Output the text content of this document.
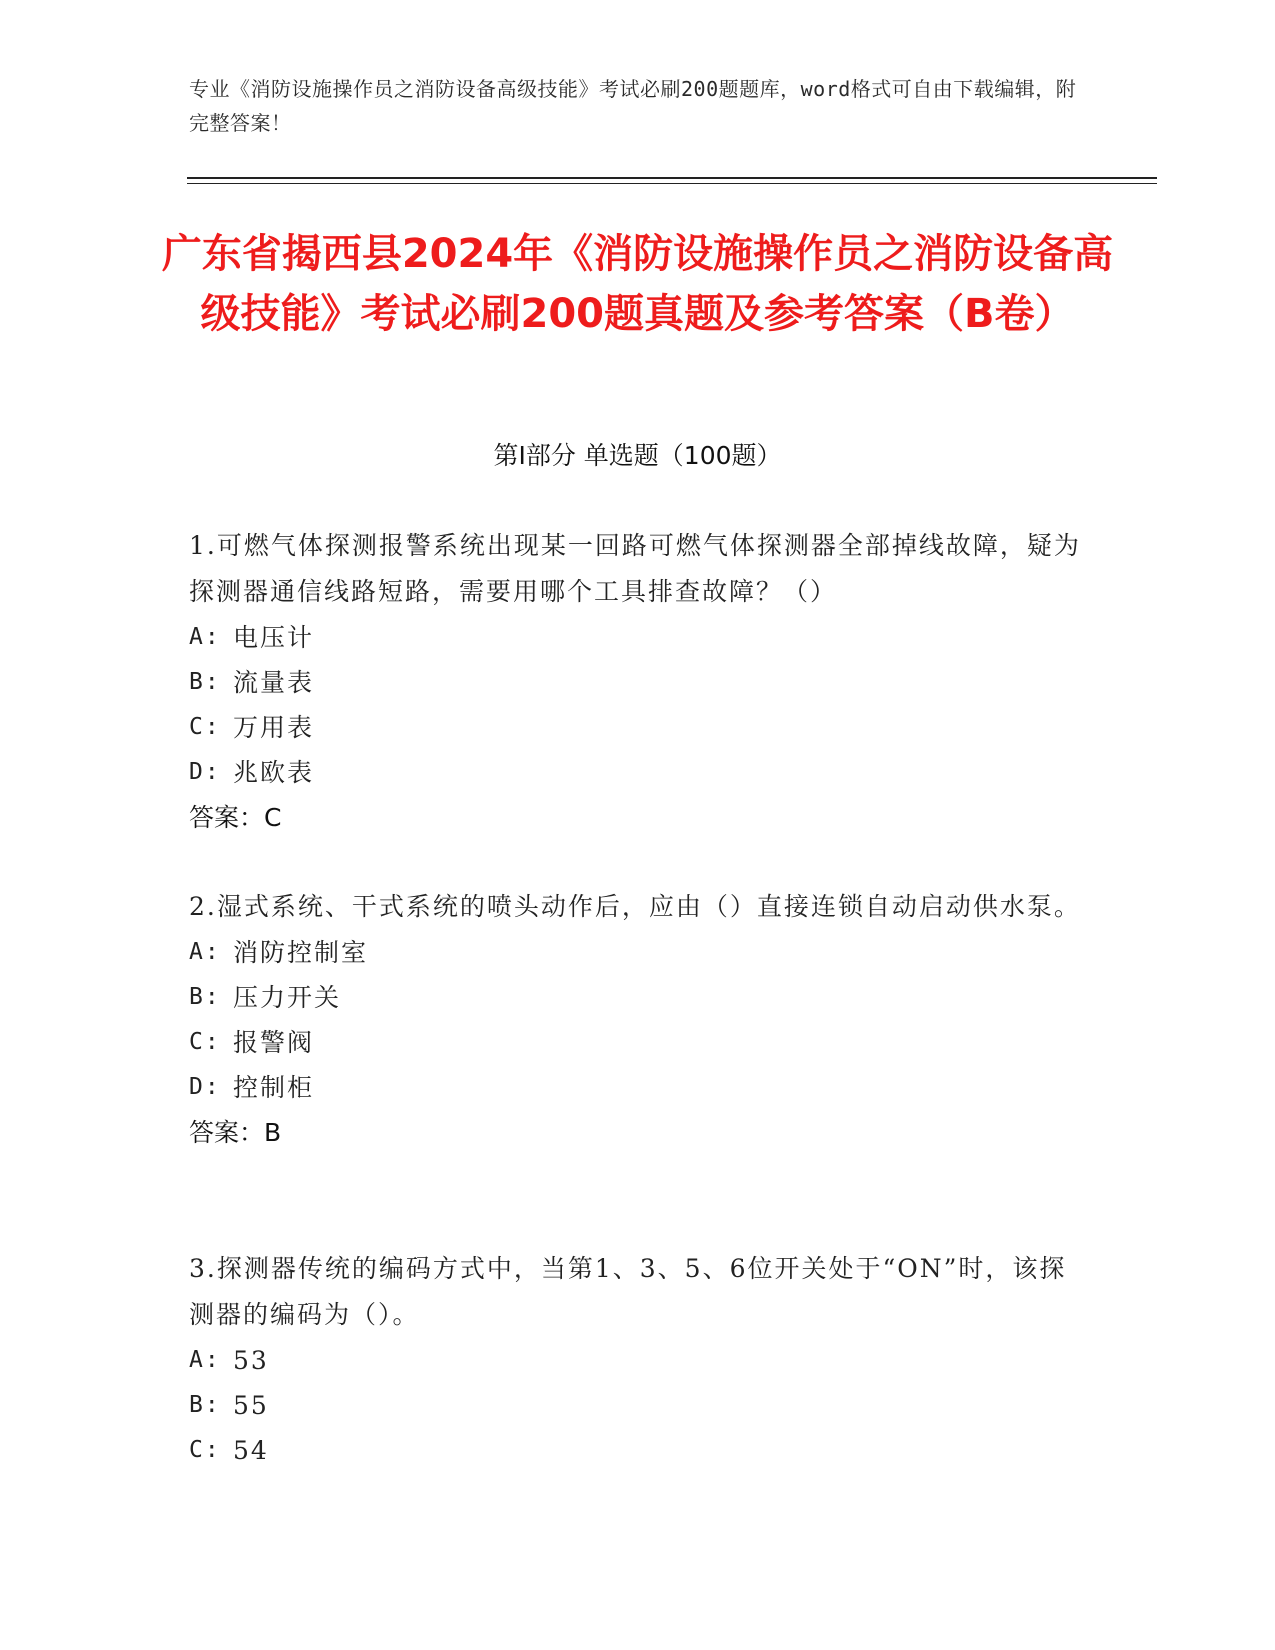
专业《消防设施操作员之消防设备高级技能》考试必刷200题题库，word格式可自由下载编辑，附完整答案！
广东省揭西县2024年《消防设施操作员之消防设备高级技能》考试必刷200题真题及参考答案（B卷）
第I部分 单选题（100题）

1.可燃气体探测报警系统出现某一回路可燃气体探测器全部掉线故障，疑为探测器通信线路短路，需要用哪个工具排查故障？（）

A: 电压计

B: 流量表

C: 万用表

D: 兆欧表

答案：C

2.湿式系统、干式系统的喷头动作后，应由（）直接连锁自动启动供水泵。

A: 消防控制室

B: 压力开关

C: 报警阀

D: 控制柜

答案：B

3.探测器传统的编码方式中，当第1、3、5、6位开关处于“ON”时，该探测器的编码为（）。

A: 53

B: 55

C: 54
